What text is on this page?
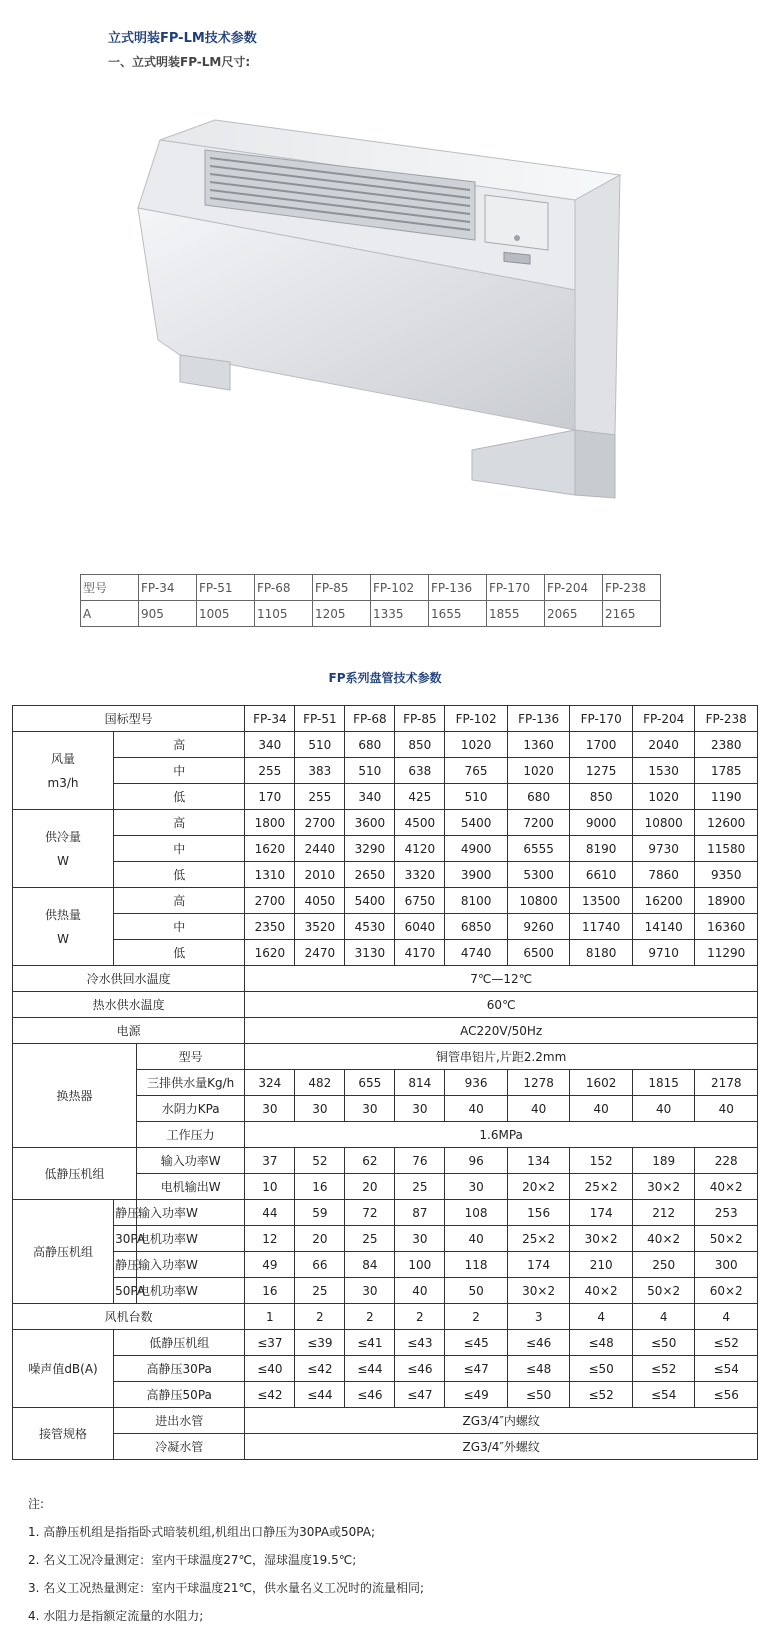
立式明装FP-LM技术参数
一、立式明装FP-LM尺寸:
型号	FP-34	FP-51	FP-68	FP-85	FP-102	FP-136	FP-170	FP-204	FP-238
A	905	1005	1105	1205	1335	1655	1855	2065	2165
FP系列盘管技术参数
国标型号			FP-34	FP-51	FP-68	FP-85	FP-102	FP-136	FP-170	FP-204	FP-238

风量
m3/h	高		340	510	680	850	1020	1360	1700	2040	2380
	中		255	383	510	638	765	1020	1275	1530	1785
	低		170	255	340	425	510	680	850	1020	1190

供冷量
W	高		1800	2700	3600	4500	5400	7200	9000	10800	12600
	中		1620	2440	3290	4120	4900	6555	8190	9730	11580
	低		1310	2010	2650	3320	3900	5300	6610	7860	9350

供热量
W	高		2700	4050	5400	6750	8100	10800	13500	16200	18900
	中		2350	3520	4530	6040	6850	9260	11740	14140	16360
	低		1620	2470	3130	4170	4740	6500	8180	9710	11290
冷水供回水温度			7℃—12℃								
热水供水温度			60℃								
电源			AC220V/50Hz								
换热器		型号	铜管串铝片,片距2.2mm								
		三排供水量Kg/h	324	482	655	814	936	1278	1602	1815	2178
		水阴力KPa	30	30	30	30	40	40	40	40	40
		工作压力	1.6MPa								
低静压机组		输入功率W	37	52	62	76	96	134	152	189	228
		电机输出W	10	16	20	25	30	20×2	25×2	30×2	40×2
高静压机组	静压	输入功率W	44	59	72	87	108	156	174	212	253
	30PA	电机功率W	12	20	25	30	40	25×2	30×2	40×2	50×2
	静压	输入功率W	49	66	84	100	118	174	210	250	300
	50PA	电机功率W	16	25	30	40	50	30×2	40×2	50×2	60×2
风机台数			1	2	2	2	2	3	4	4	4
噪声值dB(A)	低静压机组		≤37	≤39	≤41	≤43	≤45	≤46	≤48	≤50	≤52
	高静压30Pa		≤40	≤42	≤44	≤46	≤47	≤48	≤50	≤52	≤54
	高静压50Pa		≤42	≤44	≤46	≤47	≤49	≤50	≤52	≤54	≤56
接管规格	进出水管		ZG3/4″内螺纹								
	冷凝水管		ZG3/4″外螺纹								
注:
1. 高静压机组是指指卧式暗装机组,机组出口静压为30PA或50PA;
2. 名义工况冷量测定：室内干球温度27℃，湿球温度19.5℃;
3. 名义工况热量测定：室内干球温度21℃，供水量名义工况时的流量相同;
4. 水阻力是指额定流量的水阻力;
